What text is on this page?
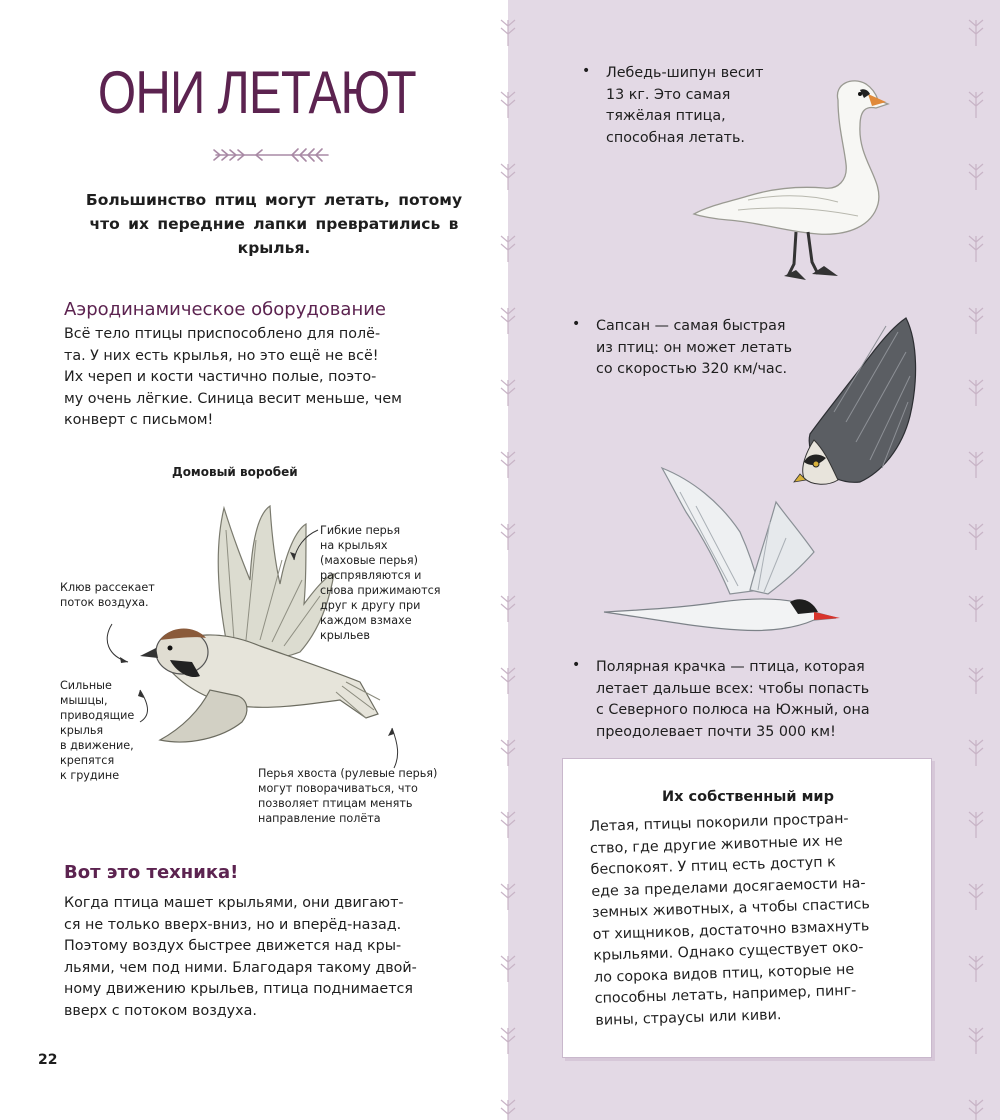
ОНИ ЛЕТАЮТ

Большинство птиц могут летать, потому что их передние лапки превратились в крылья.

Аэродинамическое оборудование

Всё тело птицы приспособлено для полё-
та. У них есть крылья, но это ещё не всё!
Их череп и кости частично полые, поэто-
му очень лёгкие. Синица весит меньше, чем
конверт с письмом!

Домовый воробей
Клюв рассекает
поток воздуха.
Гибкие перья
на крыльях
(маховые перья)
распрявляются и
снова прижимаются
друг к другу при
каждом взмахе
крыльев
Сильные
мышцы,
приводящие
крылья
в движение,
крепятся
к грудине	Перья хвоста (рулевые перья)
могут поворачиваться, что
позволяет птицам менять
направление полёта
Вот это техника!

Когда птица машет крыльями, они двигают-
ся не только вверх-вниз, но и вперёд-назад.
Поэтому воздух быстрее движется над кры-
льями, чем под ними. Благодаря такому двой-
ному движению крыльев, птица поднимается
вверх с потоком воздуха.

22
• Лебедь-шипун весит
13 кг. Это самая
тяжёлая птица,
способная летать.

• Сапсан — самая быстрая
из птиц: он может летать
со скоростью 320 км/час.

• Полярная крачка — птица, которая
летает дальше всех: чтобы попасть
с Северного полюса на Южный, она
преодолевает почти 35 000 км!

Их собственный мир

Летая, птицы покорили простран-
ство, где другие животные их не
беспокоят. У птиц есть доступ к
еде за пределами досягаемости на-
земных животных, а чтобы спастись
от хищников, достаточно взмахнуть
крыльями. Однако существует око-
ло сорока видов птиц, которые не
способны летать, например, пинг-
вины, страусы или киви.
